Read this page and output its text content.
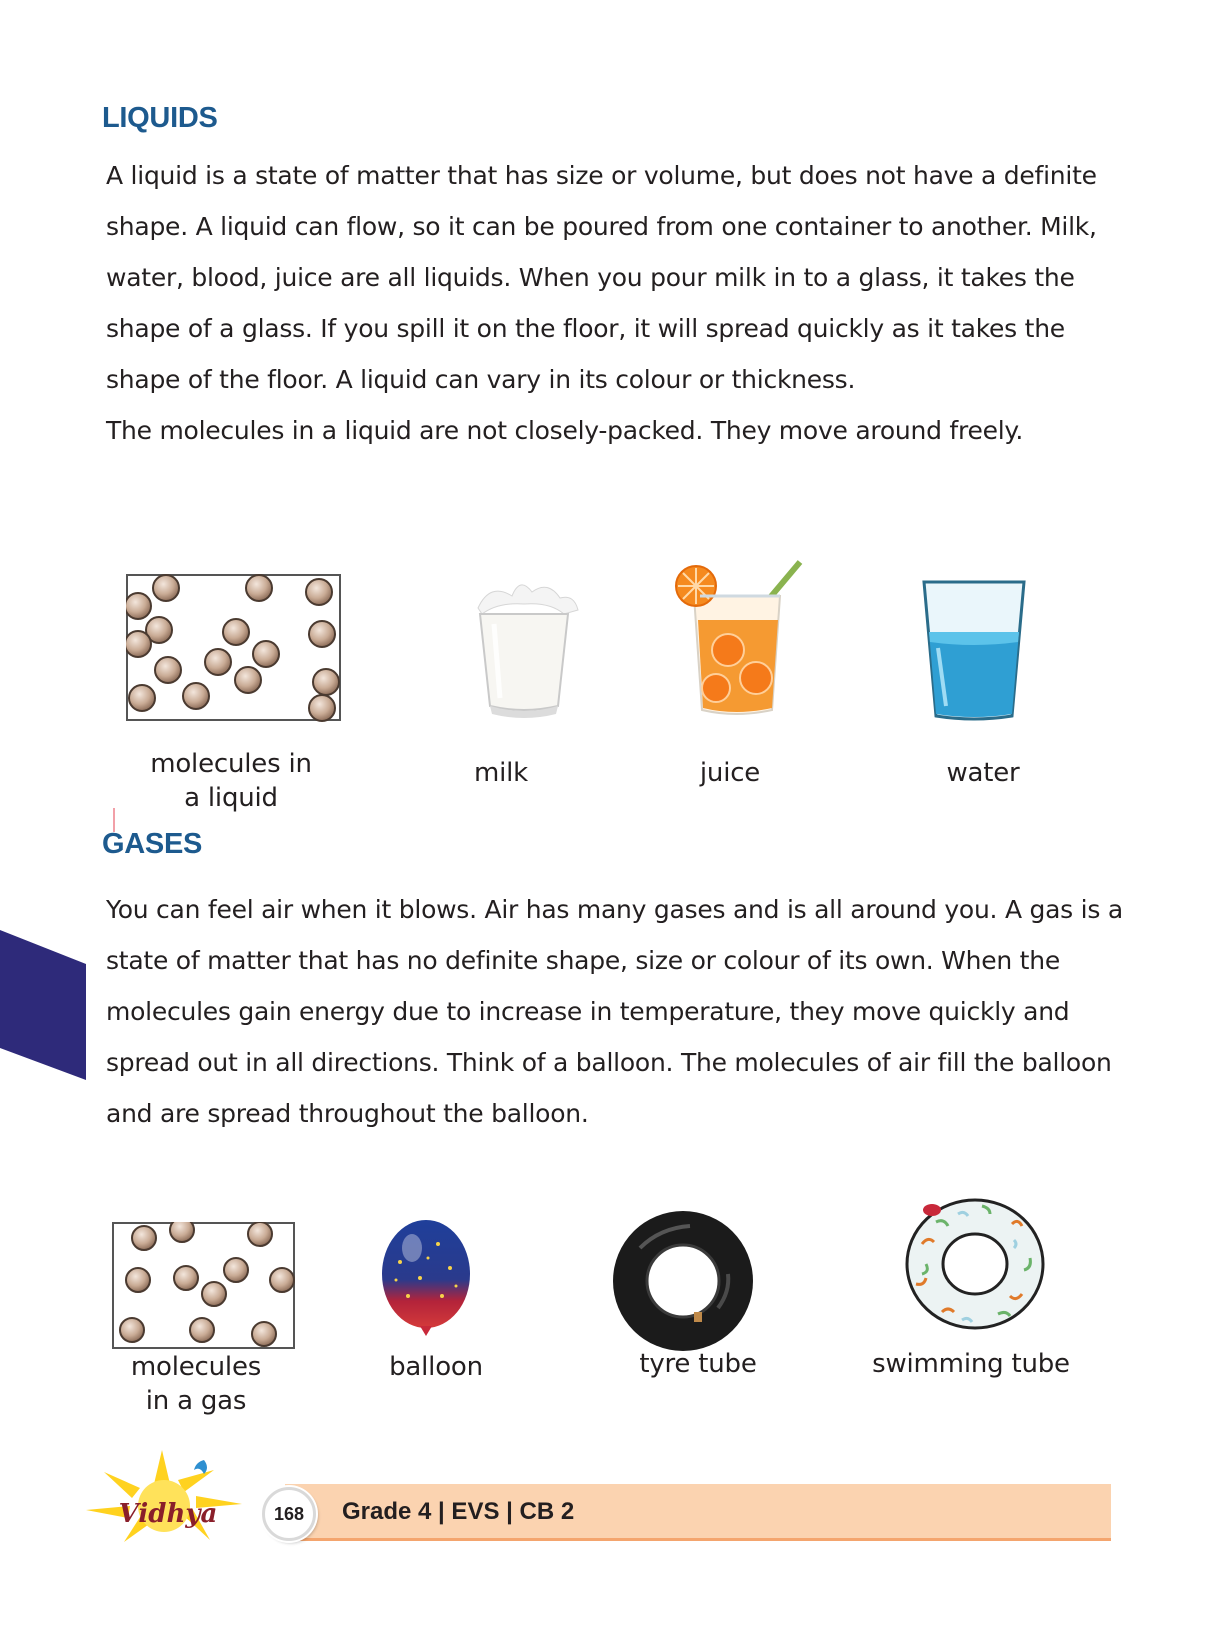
LIQUIDS

A liquid is a state of matter that has size or volume, but does not have a definite shape. A liquid can flow, so it can be poured from one container to another. Milk, water, blood, juice are all liquids. When you pour milk in to a glass, it takes the shape of a glass. If you spill it on the floor, it will spread quickly as it takes the shape of the floor. A liquid can vary in its colour or thickness.

The molecules in a liquid are not closely-packed. They move around freely.

molecules in
a liquid
milk	juice	water
GASES

You can feel air when it blows. Air has many gases and is all around you. A gas is a state of matter that has no definite shape, size or colour of its own. When the molecules gain energy due to increase in temperature, they move quickly and spread out in all directions. Think of a balloon. The molecules of air fill the balloon and are spread throughout the balloon.

molecules
in a gas
balloon	tyre tube	swimming tube
Vidhya	168	Grade 4 | EVS | CB 2
